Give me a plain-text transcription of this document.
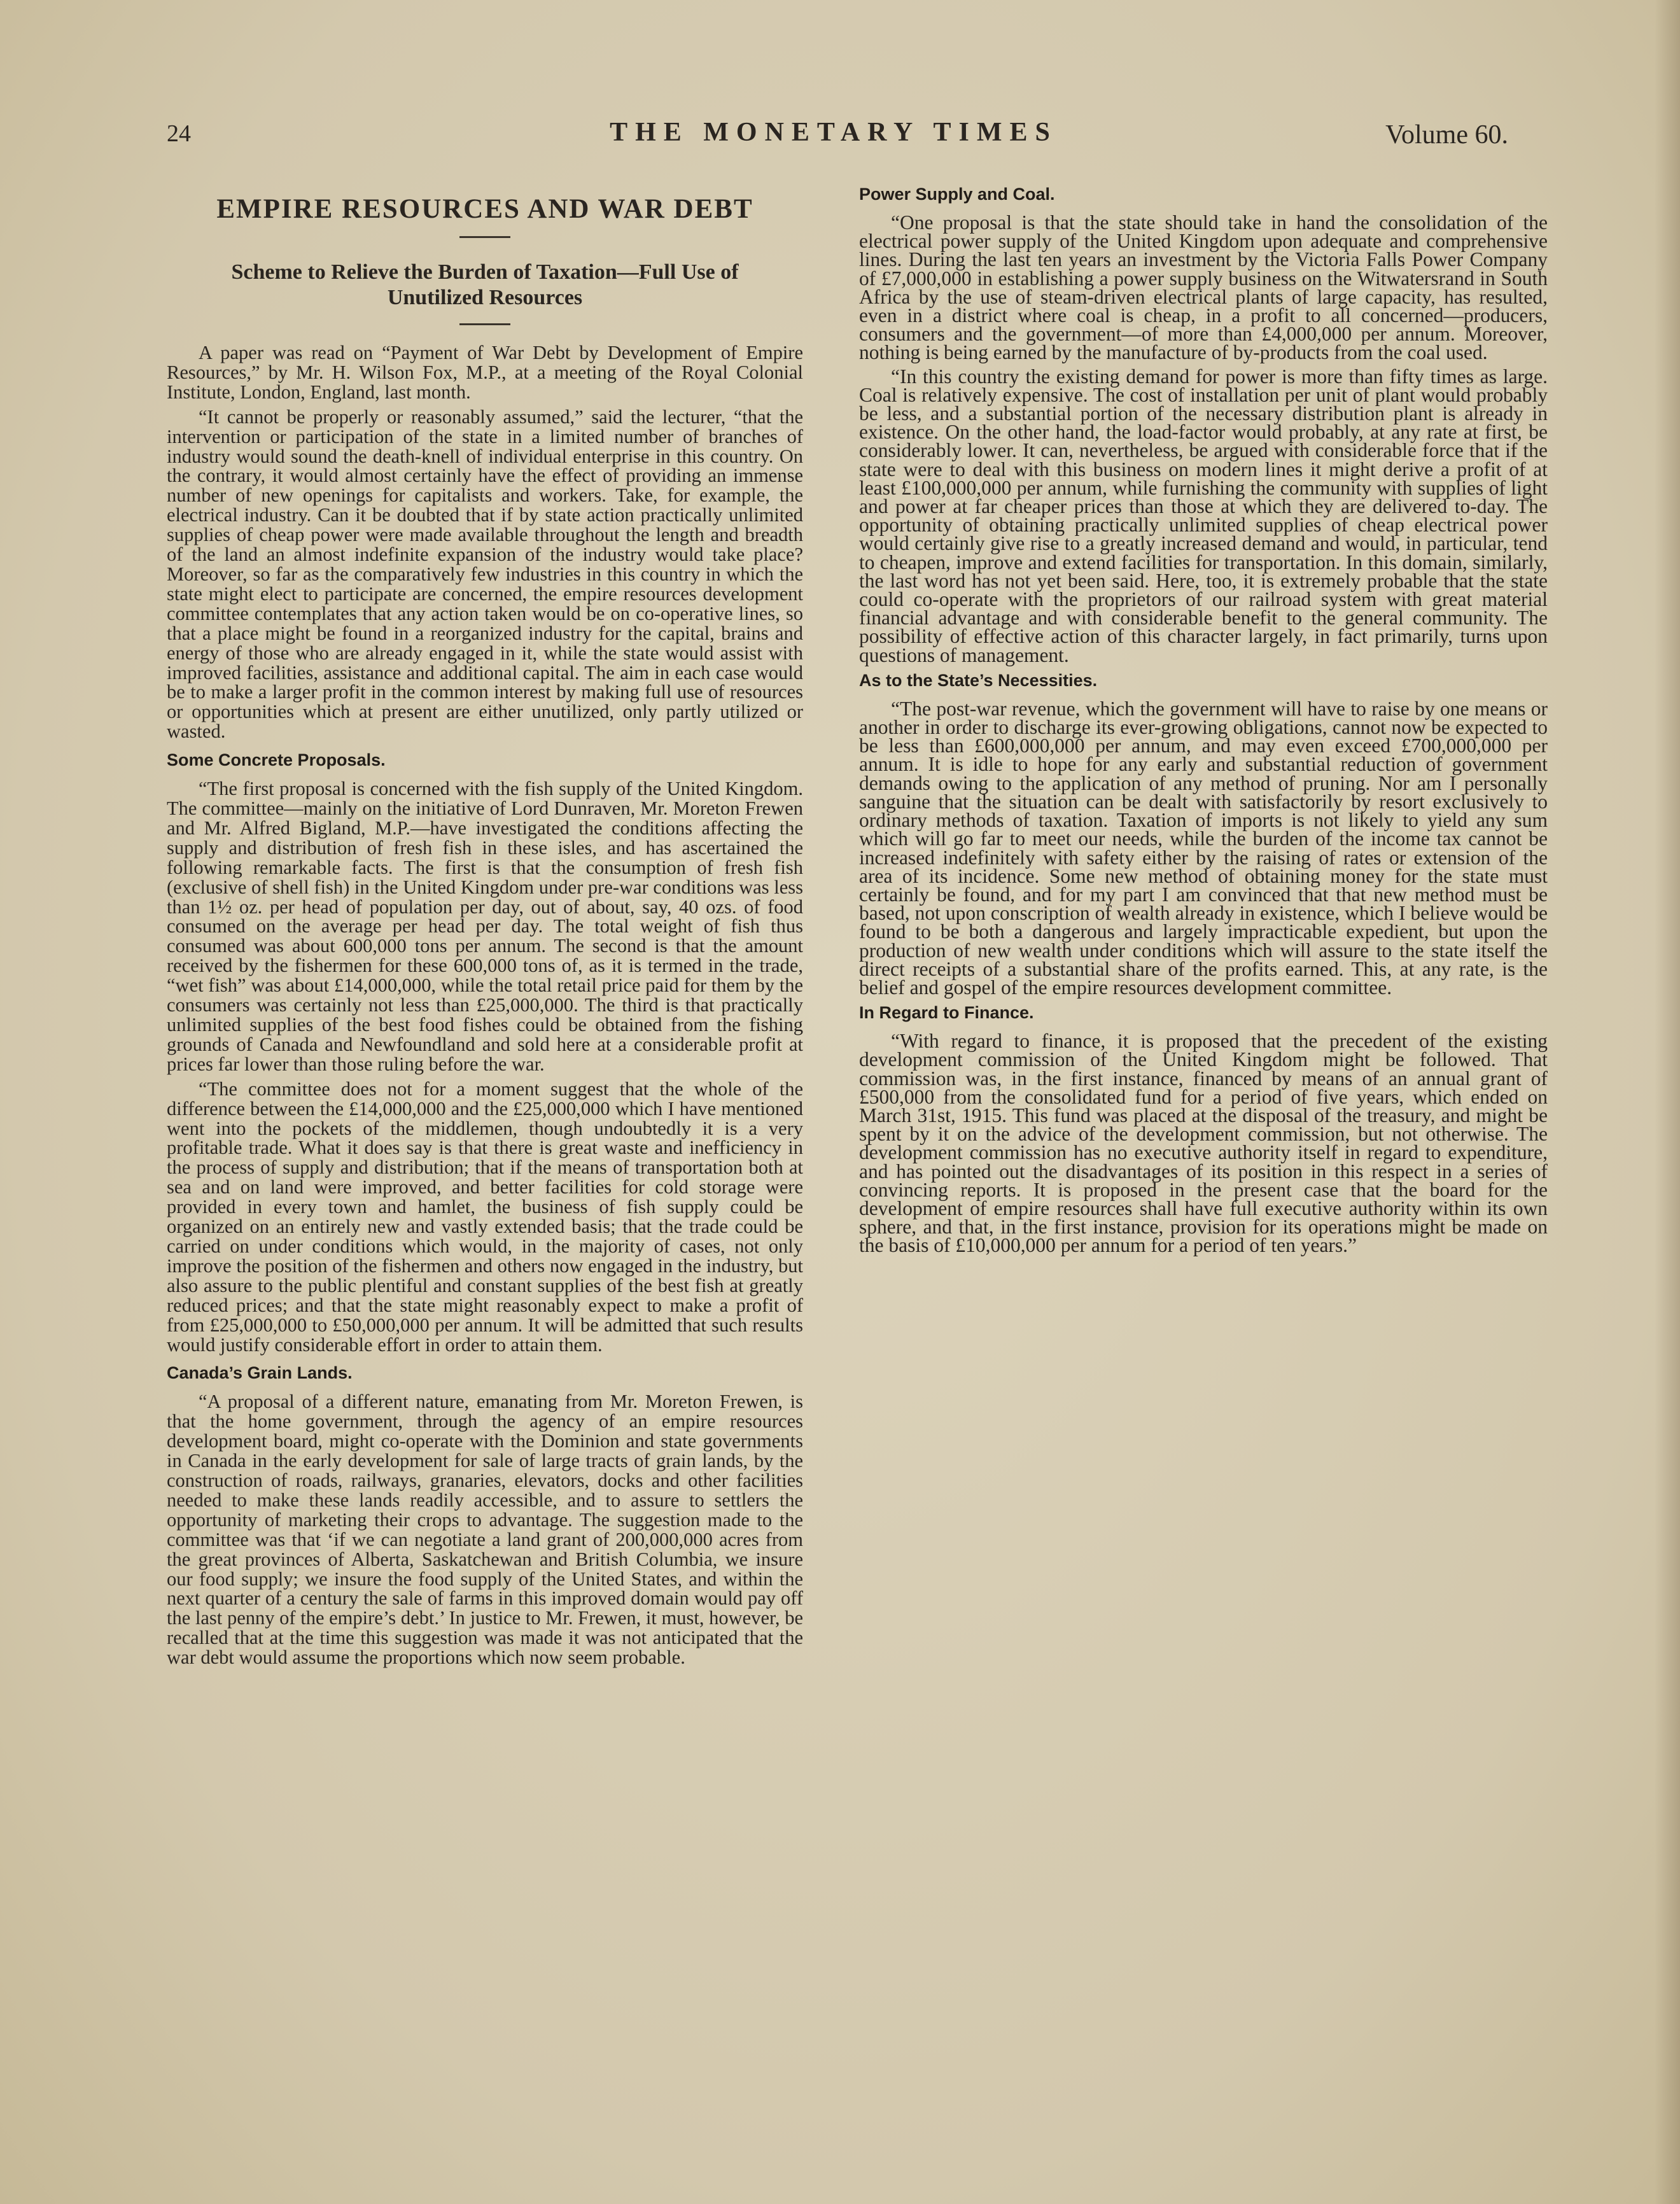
24	THE MONETARY TIMES	Volume 60.
EMPIRE RESOURCES AND WAR DEBT
Scheme to Relieve the Burden of Taxation—Full Use of Unutilized Resources

A paper was read on “Payment of War Debt by Development of Empire Resources,” by Mr. H. Wilson Fox, M.P., at a meeting of the Royal Colonial Institute, London, England, last month.

“It cannot be properly or reasonably assumed,” said the lecturer, “that the intervention or participation of the state in a limited number of branches of industry would sound the death-knell of individual enterprise in this country. On the contrary, it would almost certainly have the effect of providing an immense number of new openings for capitalists and workers. Take, for example, the electrical industry. Can it be doubted that if by state action practically unlimited supplies of cheap power were made available throughout the length and breadth of the land an almost indefinite expansion of the industry would take place? Moreover, so far as the comparatively few industries in this country in which the state might elect to participate are concerned, the empire resources development committee contemplates that any action taken would be on co-operative lines, so that a place might be found in a reorganized industry for the capital, brains and energy of those who are already engaged in it, while the state would assist with improved facilities, assistance and additional capital. The aim in each case would be to make a larger profit in the common interest by making full use of resources or opportunities which at present are either unutilized, only partly utilized or wasted.

Some Concrete Proposals.

“The first proposal is concerned with the fish supply of the United Kingdom. The committee—mainly on the initiative of Lord Dunraven, Mr. Moreton Frewen and Mr. Alfred Bigland, M.P.—have investigated the conditions affecting the supply and distribution of fresh fish in these isles, and has ascertained the following remarkable facts. The first is that the consumption of fresh fish (exclusive of shell fish) in the United Kingdom under pre-war conditions was less than 1½ oz. per head of population per day, out of about, say, 40 ozs. of food consumed on the average per head per day. The total weight of fish thus consumed was about 600,000 tons per annum. The second is that the amount received by the fishermen for these 600,000 tons of, as it is termed in the trade, “wet fish” was about £14,000,000, while the total retail price paid for them by the consumers was certainly not less than £25,000,000. The third is that practically unlimited supplies of the best food fishes could be obtained from the fishing grounds of Canada and Newfoundland and sold here at a considerable profit at prices far lower than those ruling before the war.

“The committee does not for a moment suggest that the whole of the difference between the £14,000,000 and the £25,000,000 which I have mentioned went into the pockets of the middlemen, though undoubtedly it is a very profitable trade. What it does say is that there is great waste and inefficiency in the process of supply and distribution; that if the means of transportation both at sea and on land were improved, and better facilities for cold storage were provided in every town and hamlet, the business of fish supply could be organized on an entirely new and vastly extended basis; that the trade could be carried on under conditions which would, in the majority of cases, not only improve the position of the fishermen and others now engaged in the industry, but also assure to the public plentiful and constant supplies of the best fish at greatly reduced prices; and that the state might reasonably expect to make a profit of from £25,000,000 to £50,000,000 per annum. It will be admitted that such results would justify considerable effort in order to attain them.

Canada’s Grain Lands.

“A proposal of a different nature, emanating from Mr. Moreton Frewen, is that the home government, through the agency of an empire resources development board, might co-operate with the Dominion and state governments in Canada in the early development for sale of large tracts of grain lands, by the construction of roads, railways, granaries, elevators, docks and other facilities needed to make these lands readily accessible, and to assure to settlers the opportunity of marketing their crops to advantage. The suggestion made to the committee was that ‘if we can negotiate a land grant of 200,000,000 acres from the great provinces of Alberta, Saskatchewan and British Columbia, we insure our food supply; we insure the food supply of the United States, and within the next quarter of a century the sale of farms in this improved domain would pay off the last penny of the empire’s debt.’ In justice to Mr. Frewen, it must, however, be recalled that at the time this suggestion was made it was not anticipated that the war debt would assume the proportions which now seem probable.

Power Supply and Coal.

“One proposal is that the state should take in hand the consolidation of the electrical power supply of the United Kingdom upon adequate and comprehensive lines. During the last ten years an investment by the Victoria Falls Power Company of £7,000,000 in establishing a power supply business on the Witwatersrand in South Africa by the use of steam-driven electrical plants of large capacity, has resulted, even in a district where coal is cheap, in a profit to all concerned—producers, consumers and the government—of more than £4,000,000 per annum. Moreover, nothing is being earned by the manufacture of by-products from the coal used.

“In this country the existing demand for power is more than fifty times as large. Coal is relatively expensive. The cost of installation per unit of plant would probably be less, and a substantial portion of the necessary distribution plant is already in existence. On the other hand, the load-factor would probably, at any rate at first, be considerably lower. It can, nevertheless, be argued with considerable force that if the state were to deal with this business on modern lines it might derive a profit of at least £100,000,000 per annum, while furnishing the community with supplies of light and power at far cheaper prices than those at which they are delivered to-day. The opportunity of obtaining practically unlimited supplies of cheap electrical power would certainly give rise to a greatly increased demand and would, in particular, tend to cheapen, improve and extend facilities for transportation. In this domain, similarly, the last word has not yet been said. Here, too, it is extremely probable that the state could co-operate with the proprietors of our railroad system with great material financial advantage and with considerable benefit to the general community. The possibility of effective action of this character largely, in fact primarily, turns upon questions of management.

As to the State’s Necessities.

“The post-war revenue, which the government will have to raise by one means or another in order to discharge its ever-growing obligations, cannot now be expected to be less than £600,000,000 per annum, and may even exceed £700,000,000 per annum. It is idle to hope for any early and substantial reduction of government demands owing to the application of any method of pruning. Nor am I personally sanguine that the situation can be dealt with satisfactorily by resort exclusively to ordinary methods of taxation. Taxation of imports is not likely to yield any sum which will go far to meet our needs, while the burden of the income tax cannot be increased indefinitely with safety either by the raising of rates or extension of the area of its incidence. Some new method of obtaining money for the state must certainly be found, and for my part I am convinced that that new method must be based, not upon conscription of wealth already in existence, which I believe would be found to be both a dangerous and largely impracticable expedient, but upon the production of new wealth under conditions which will assure to the state itself the direct receipts of a substantial share of the profits earned. This, at any rate, is the belief and gospel of the empire resources development committee.

In Regard to Finance.

“With regard to finance, it is proposed that the precedent of the existing development commission of the United Kingdom might be followed. That commission was, in the first instance, financed by means of an annual grant of £500,000 from the consolidated fund for a period of five years, which ended on March 31st, 1915. This fund was placed at the disposal of the treasury, and might be spent by it on the advice of the development commission, but not otherwise. The development commission has no executive authority itself in regard to expenditure, and has pointed out the disadvantages of its position in this respect in a series of convincing reports. It is proposed in the present case that the board for the development of empire resources shall have full executive authority within its own sphere, and that, in the first instance, provision for its operations might be made on the basis of £10,000,000 per annum for a period of ten years.”
